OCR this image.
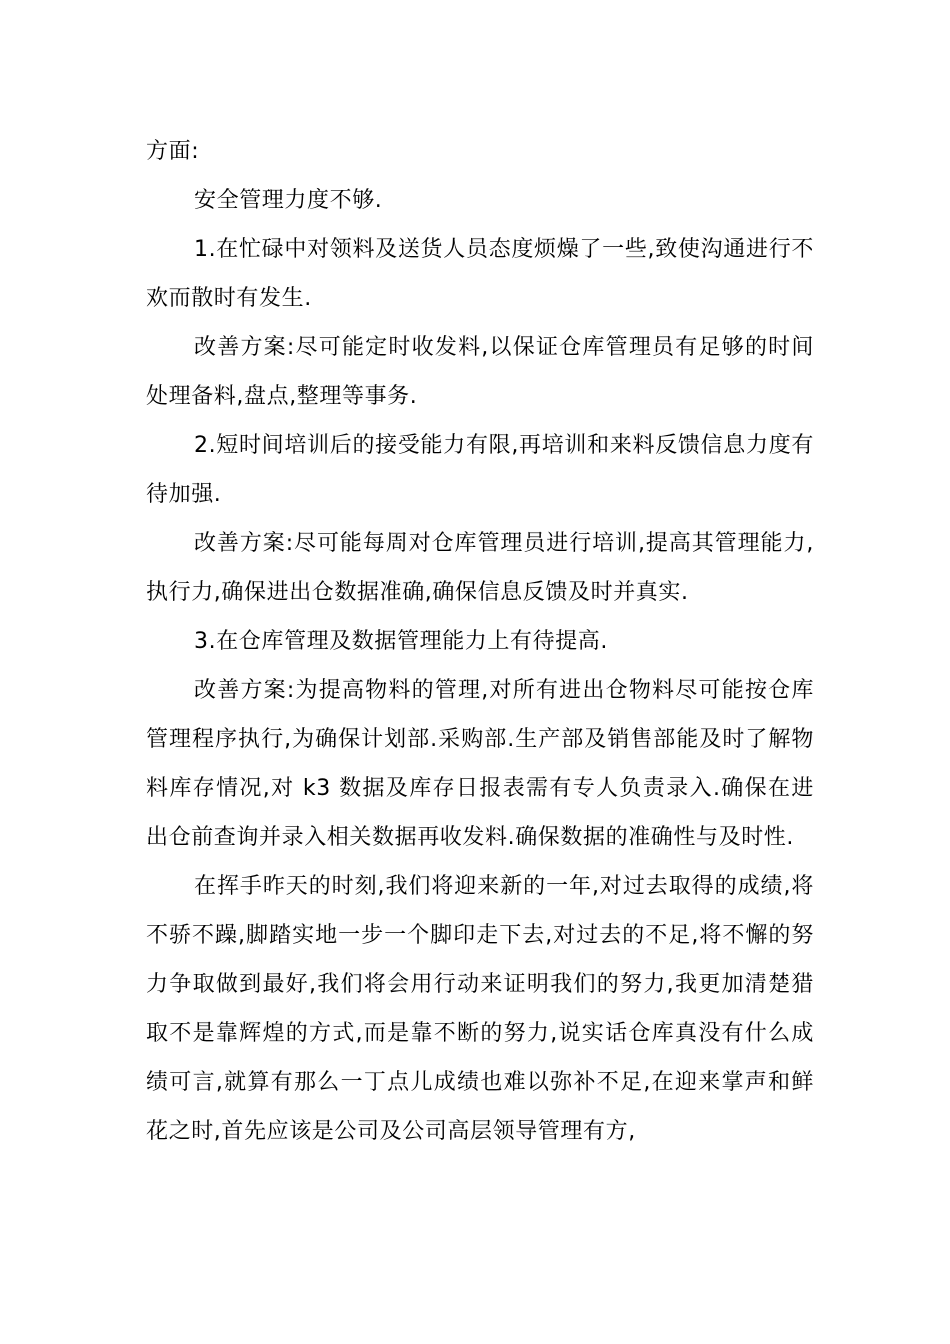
方面:

安全管理力度不够.

1.在忙碌中对领料及送货人员态度烦燥了一些,致使沟通进行不欢而散时有发生.

改善方案:尽可能定时收发料,以保证仓库管理员有足够的时间处理备料,盘点,整理等事务.

2.短时间培训后的接受能力有限,再培训和来料反馈信息力度有待加强.

改善方案:尽可能每周对仓库管理员进行培训,提高其管理能力,执行力,确保进出仓数据准确,确保信息反馈及时并真实.

3.在仓库管理及数据管理能力上有待提高.

改善方案:为提高物料的管理,对所有进出仓物料尽可能按仓库管理程序执行,为确保计划部.采购部.生产部及销售部能及时了解物料库存情况,对 k3 数据及库存日报表需有专人负责录入.确保在进出仓前查询并录入相关数据再收发料.确保数据的准确性与及时性.

在挥手昨天的时刻,我们将迎来新的一年,对过去取得的成绩,将不骄不躁,脚踏实地一步一个脚印走下去,对过去的不足,将不懈的努力争取做到最好,我们将会用行动来证明我们的努力,我更加清楚猎取不是靠辉煌的方式,而是靠不断的努力,说实话仓库真没有什么成绩可言,就算有那么一丁点儿成绩也难以弥补不足,在迎来掌声和鲜花之时,首先应该是公司及公司高层领导管理有方,
